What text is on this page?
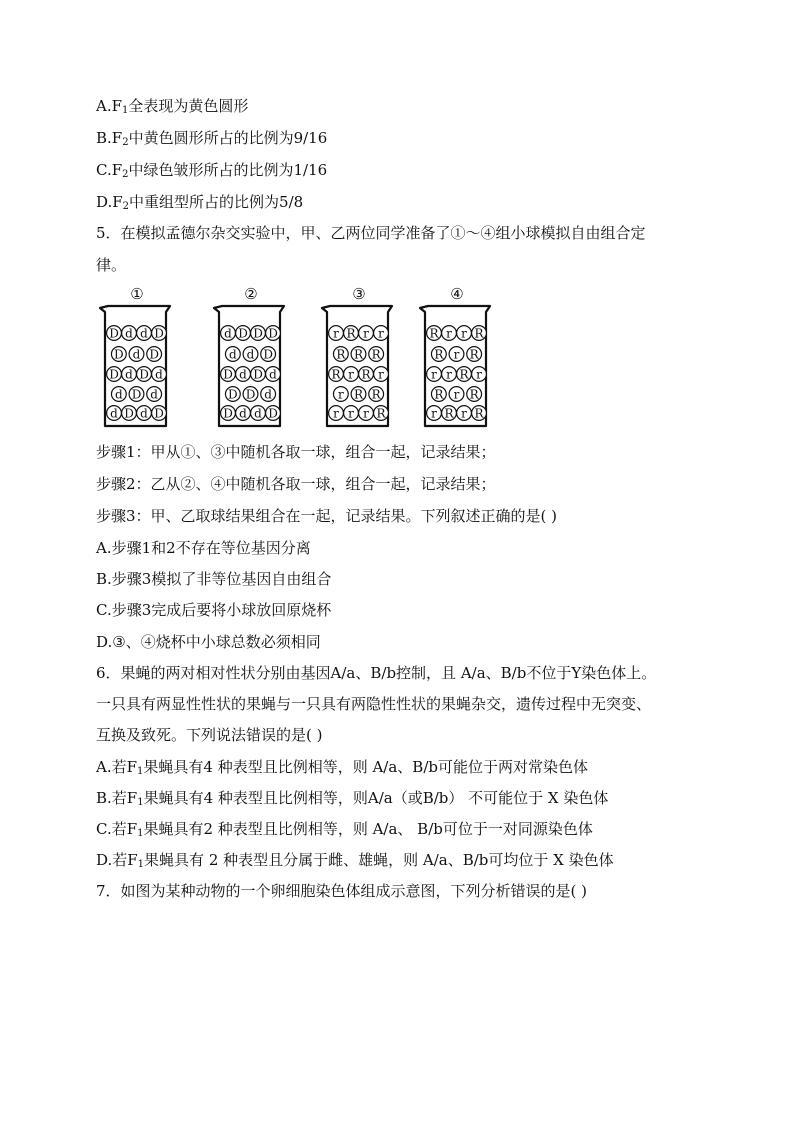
$A.F_1$全表现为黄色圆形
$B.F_2$中黄色圆形所占的比例为9/16
$C.F_2$中绿色皱形所占的比例为1/16
$D.F_2$中重组型所占的比例为5/8
5．在模拟孟德尔杂交实验中，甲、乙两位同学准备了①～④组小球模拟自由组合定
律。
①
D d d D
D d D
D d D d
d D d
d D d D
②
d D D D
d d D
D d D d
D D d
D d d D
③
r R r r
R R R
R r R r
r R R
r r r R
④
R r r R
R r R
r r R r
R r R
r R r R
步骤1：甲从①、③中随机各取一球，组合一起，记录结果；
步骤2：乙从②、④中随机各取一球，组合一起，记录结果；
步骤3：甲、乙取球结果组合在一起，记录结果。下列叙述正确的是( )
A.步骤1和2不存在等位基因分离
B.步骤3模拟了非等位基因自由组合
C.步骤3完成后要将小球放回原烧杯
D.③、④烧杯中小球总数必须相同
6．果蝇的两对相对性状分别由基因A/a、B/b控制，且 A/a、B/b不位于Y染色体上。
一只具有两显性性状的果蝇与一只具有两隐性性状的果蝇杂交，遗传过程中无突变、
互换及致死。下列说法错误的是( )
A.若$F_1$果蝇具有4 种表型且比例相等，则 A/a、B/b可能位于两对常染色体
B.若$F_1$果蝇具有4 种表型且比例相等，则A/a（或B/b） 不可能位于 X 染色体
C.若$F_1$果蝇具有2 种表型且比例相等，则 A/a、 B/b可位于一对同源染色体
D.若$F_1$果蝇具有 2 种表型且分属于雌、雄蝇，则 A/a、B/b可均位于 X 染色体
7．如图为某种动物的一个卵细胞染色体组成示意图，下列分析错误的是( )
